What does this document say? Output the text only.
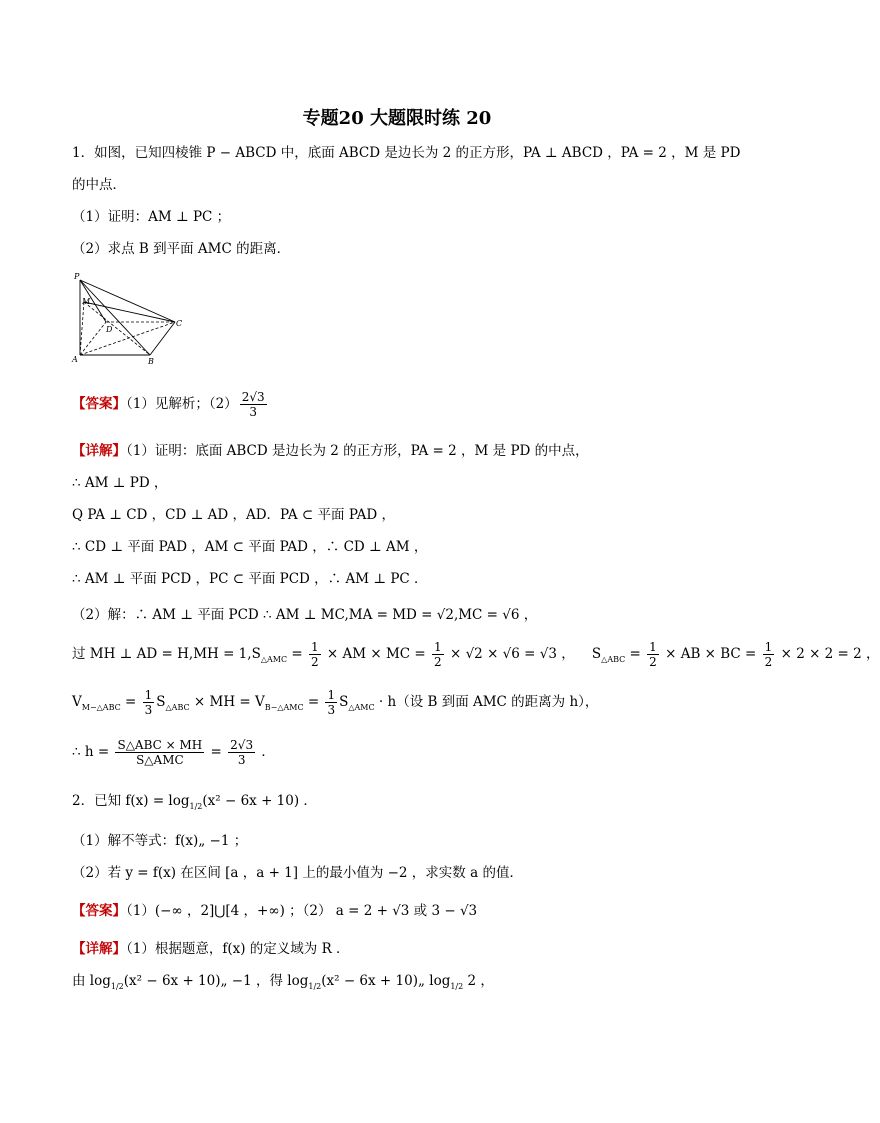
专题20 大题限时练 20
1．如图，已知四棱锥 P − ABCD 中，底面 ABCD 是边长为 2 的正方形，PA ⊥ ABCD ，PA = 2 ，M 是 PD
的中点．
（1）证明：AM ⊥ PC ；
（2）求点 B 到平面 AMC 的距离．
P
M
D
C
A	B
【答案】（1）见解析；$(2) \frac{2√3}{3}$
【详解】（1）证明：底面 ABCD 是边长为 2 的正方形，PA = 2 ，M 是 PD 的中点，
∴ AM ⊥ PD ，
Q PA ⊥ CD ，CD ⊥ AD ，AD．PA ⊂ 平面 PAD ，
∴ CD ⊥ 平面 PAD ，AM ⊂ 平面 PAD ，∴ CD ⊥ AM ，
∴ AM ⊥ 平面 PCD ，PC ⊂ 平面 PCD ，∴ AM ⊥ PC ．
（2）解：∴ AM ⊥ 平面 PCD ∴ AM ⊥ MC,MA = MD = √2,MC = √6 ，
过 MH ⊥ AD = $H,MH = 1,S_{\triangle AMC} = \frac{1}{2}$ × AM × MC = $\frac{1}{2} \times √2 \times √6 = √3$ ， $S_{\triangle ABC} = \frac{1}{2}$ × AB × BC = $\frac{1}{2} \times 2 \times 2 = 2$ ，
$V_{M-\triangle ABC} = \frac{1}{3} S_{\triangle ABC}$ × MH = $V_{B-\triangle AMC} = \frac{1}{3} S_{\triangle AMC} \cdot h$（设 B 到面 AMC 的距离为 h），
∴ $h = \frac{\text{S△ABC × MH}}{\text{S△AMC}} = \frac{2√3}{3}$ ．
2．已知 $f(x) = \log_{1/2}(x^2 - 6x + 10)$ ．
（1）解不等式：f(x)„ −1 ；
（2）若 y = f(x) 在区间 [a ，a + 1] 上的最小值为 −2 ，求实数 a 的值．
【答案】（1）(−∞ ，2]⋃[4 ，+∞) ；（2） a = 2 + √3 或 3 − √3
【详解】（1）根据题意，f(x) 的定义域为 R ．
由 $\log_{1/2}(x^2 - 6x$ + 10)„ −1 ，得 $\log_{1/2}(x^2 - 6x$ + 10)„ $\log_{1/2} 2$ ，
